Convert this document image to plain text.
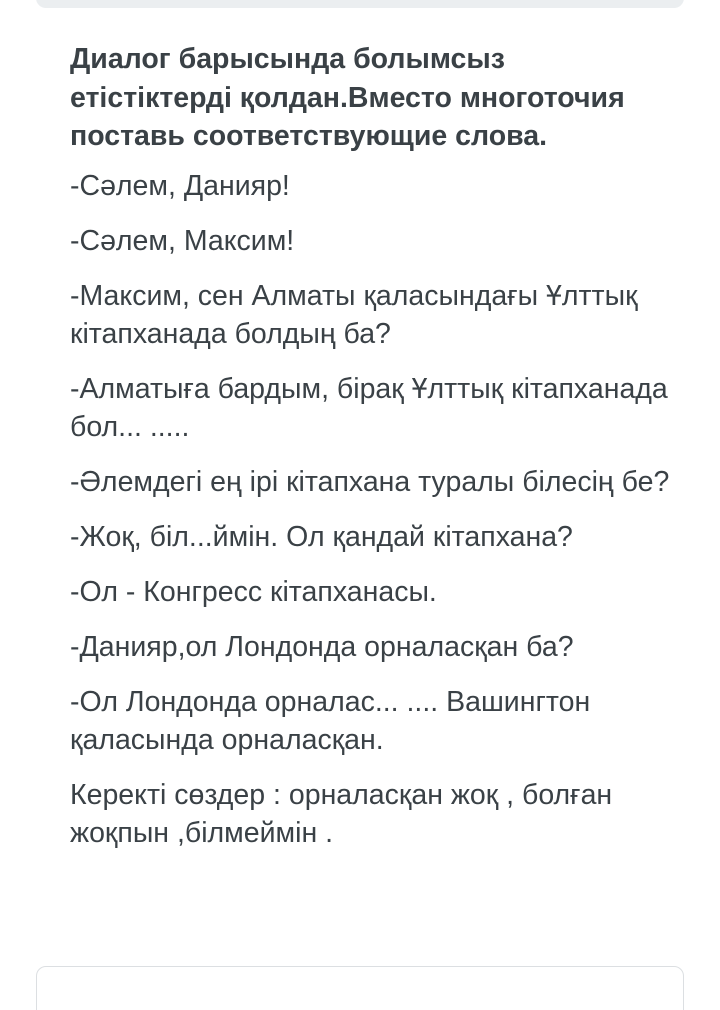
Диалог барысында болымсыз етістіктерді қолдан.Вместо многоточия поставь соответствующие слова.

-Сәлем, Данияр!

-Сәлем, Максим!

-Максим, сен Алматы қаласындағы Ұлттық кітапханада болдың ба?

-Алматыға бардым, бірақ Ұлттық кітапханада бол... .....

-Әлемдегі ең ірі кітапхана туралы білесің бе?

-Жоқ, біл...ймін. Ол қандай кітапхана?

-Ол - Конгресс кітапханасы.

-Данияр,ол Лондонда орналасқан ба?

-Ол Лондонда орналас... .... Вашингтон қаласында орналасқан.

Керекті сөздер : орналасқан жоқ , болған жоқпын ,білмеймін .
